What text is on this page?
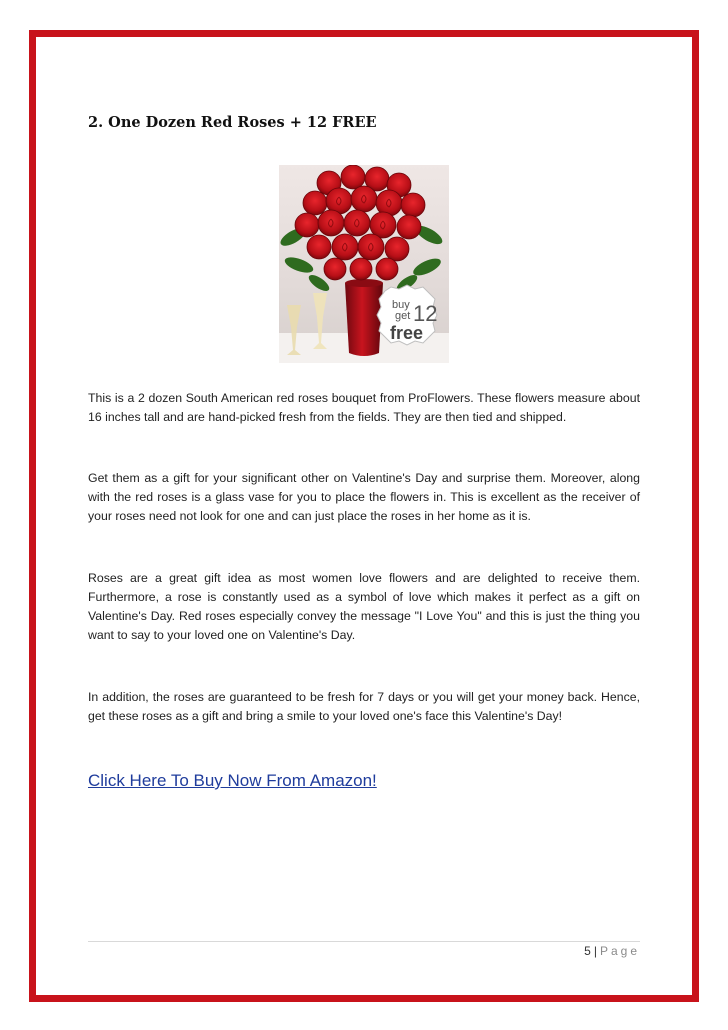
2. One Dozen Red Roses + 12 FREE
buy
get 12
free

This is a 2 dozen South American red roses bouquet from ProFlowers. These flowers measure about 16 inches tall and are hand-picked fresh from the fields. They are then tied and shipped.

Get them as a gift for your significant other on Valentine's Day and surprise them. Moreover, along with the red roses is a glass vase for you to place the flowers in. This is excellent as the receiver of your roses need not look for one and can just place the roses in her home as it is.

Roses are a great gift idea as most women love flowers and are delighted to receive them. Furthermore, a rose is constantly used as a symbol of love which makes it perfect as a gift on Valentine's Day. Red roses especially convey the message "I Love You" and this is just the thing you want to say to your loved one on Valentine's Day.

In addition, the roses are guaranteed to be fresh for 7 days or you will get your money back. Hence, get these roses as a gift and bring a smile to your loved one's face this Valentine's Day!

Click Here To Buy Now From Amazon!
5 | Page
